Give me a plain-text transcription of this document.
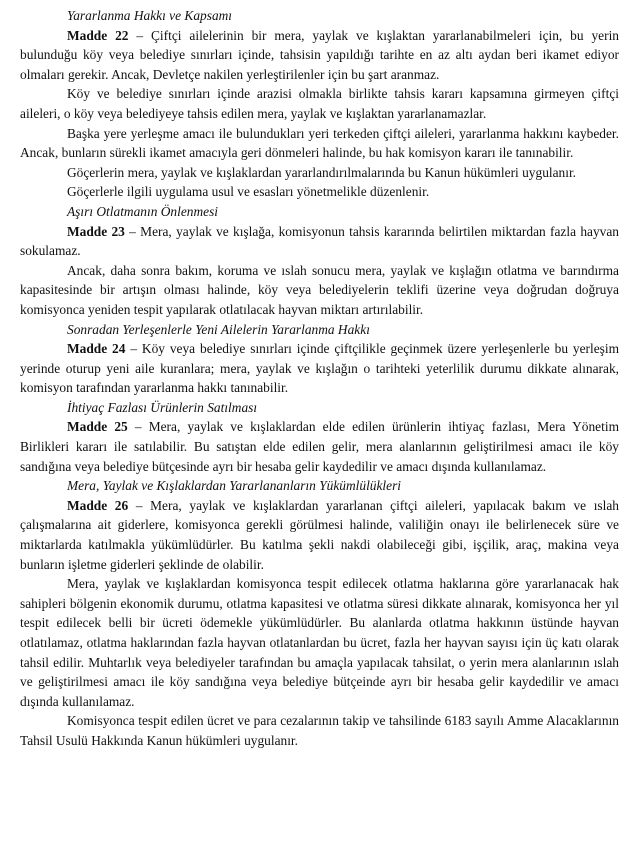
Yararlanma Hakkı ve Kapsamı
Madde 22 – Çiftçi ailelerinin bir mera, yaylak ve kışlaktan yararlanabilmeleri için, bu yerin bulunduğu köy veya belediye sınırları içinde, tahsisin yapıldığı tarihte en az altı aydan beri ikamet ediyor olmaları gerekir. Ancak, Devletçe nakilen yerleştirilenler için bu şart aranmaz.
Köy ve belediye sınırları içinde arazisi olmakla birlikte tahsis kararı kapsamına girmeyen çiftçi aileleri, o köy veya belediyeye tahsis edilen mera, yaylak ve kışlaktan yararlanamazlar.
Başka yere yerleşme amacı ile bulundukları yeri terkeden çiftçi aileleri, yararlanma hakkını kaybeder. Ancak, bunların sürekli ikamet amacıyla geri dönmeleri halinde, bu hak komisyon kararı ile tanınabilir.
Göçerlerin mera, yaylak ve kışlaklardan yararlandırılmalarında bu Kanun hükümleri uygulanır.
Göçerlerle ilgili uygulama usul ve esasları yönetmelikle düzenlenir.
Aşırı Otlatmanın Önlenmesi
Madde 23 – Mera, yaylak ve kışlağa, komisyonun tahsis kararında belirtilen miktardan fazla hayvan sokulamaz.
Ancak, daha sonra bakım, koruma ve ıslah sonucu mera, yaylak ve kışlağın otlatma ve barındırma kapasitesinde bir artışın olması halinde, köy veya belediyelerin teklifi üzerine veya doğrudan doğruya komisyonca yeniden tespit yapılarak otlatılacak hayvan miktarı artırılabilir.
Sonradan Yerleşenlerle Yeni Ailelerin Yararlanma Hakkı
Madde 24 – Köy veya belediye sınırları içinde çiftçilikle geçinmek üzere yerleşenlerle bu yerleşim yerinde oturup yeni aile kuranlara; mera, yaylak ve kışlağın o tarihteki yeterlilik durumu dikkate alınarak, komisyon tarafından yararlanma hakkı tanınabilir.
İhtiyaç Fazlası Ürünlerin Satılması
Madde 25 – Mera, yaylak ve kışlaklardan elde edilen ürünlerin ihtiyaç fazlası, Mera Yönetim Birlikleri kararı ile satılabilir. Bu satıştan elde edilen gelir, mera alanlarının geliştirilmesi amacı ile köy sandığına veya belediye bütçesinde ayrı bir hesaba gelir kaydedilir ve amacı dışında kullanılamaz.
Mera, Yaylak ve Kışlaklardan Yararlananların Yükümlülükleri
Madde 26 – Mera, yaylak ve kışlaklardan yararlanan çiftçi aileleri, yapılacak bakım ve ıslah çalışmalarına ait giderlere, komisyonca gerekli görülmesi halinde, valiliğin onayı ile belirlenecek süre ve miktarlarda katılmakla yükümlüdürler. Bu katılma şekli nakdi olabileceği gibi, işçilik, araç, makina veya bunların işletme giderleri şeklinde de olabilir.
Mera, yaylak ve kışlaklardan komisyonca tespit edilecek otlatma haklarına göre yararlanacak hak sahipleri bölgenin ekonomik durumu, otlatma kapasitesi ve otlatma süresi dikkate alınarak, komisyonca her yıl tespit edilecek belli bir ücreti ödemekle yükümlüdürler. Bu alanlarda otlatma hakkının üstünde hayvan otlatılamaz, otlatma haklarından fazla hayvan otlatanlardan bu ücret, fazla her hayvan sayısı için üç katı olarak tahsil edilir. Muhtarlık veya belediyeler tarafından bu amaçla yapılacak tahsilat, o yerin mera alanlarının ıslah ve geliştirilmesi amacı ile köy sandığına veya belediye bütçeinde ayrı bir hesaba gelir kaydedilir ve amacı dışında kullanılamaz.
Komisyonca tespit edilen ücret ve para cezalarının takip ve tahsilinde 6183 sayılı Amme Alacaklarının Tahsil Usulü Hakkında Kanun hükümleri uygulanır.
